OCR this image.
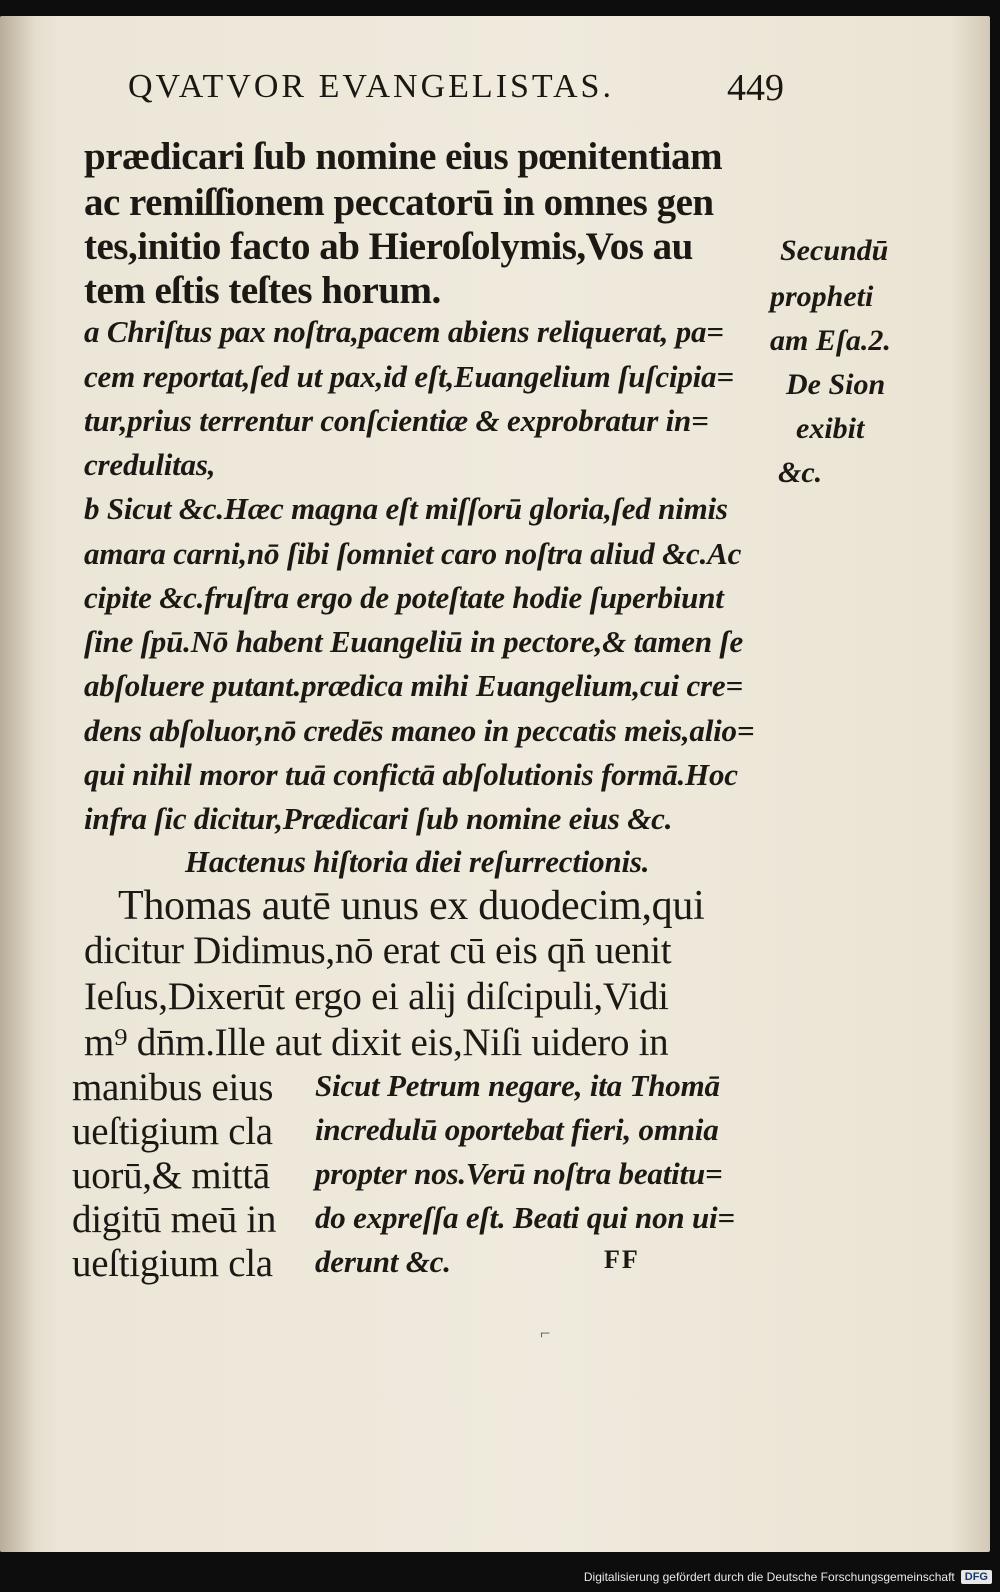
QVATVOR EVANGELISTAS.	449
prædicari ſub nomine eius pœnitentiam
ac remiſſionem peccatorū in omnes gen
tes,initio facto ab Hieroſolymis,Vos au
tem eſtis teſtes horum.
a Chriſtus pax noſtra,pacem abiens reliquerat, pa=
cem reportat,ſed ut pax,id eſt,Euangelium ſuſcipia=
tur,prius terrentur conſcientiæ & exprobratur in=
credulitas,
b Sicut &c.Hæc magna eſt miſſorū gloria,ſed nimis
amara carni,nō ſibi ſomniet caro noſtra aliud &c.Ac
cipite &c.fruſtra ergo de poteſtate hodie ſuperbiunt
ſine ſpū.Nō habent Euangeliū in pectore,& tamen ſe
abſoluere putant.prædica mihi Euangelium,cui cre=
dens abſoluor,nō credēs maneo in peccatis meis,alio=
qui nihil moror tuā confictā abſolutionis formā.Hoc
infra ſic dicitur,Prædicari ſub nomine eius &c.
Hactenus hiſtoria diei reſurrectionis.
Thomas autē unus ex duodecim,qui
dicitur Didimus,nō erat cū eis qn̄ uenit
Ieſus,Dixerūt ergo ei alij diſcipuli,Vidi
m⁹ dn̄m.Ille aut dixit eis,Niſi uidero in
manibus eius
ueſtigium cla
uorū,& mittā
digitū meū in
ueſtigium cla
Sicut Petrum negare, ita Thomā
incredulū oportebat fieri, omnia
propter nos.Verū noſtra beatitu=
do expreſſa eſt. Beati qui non ui=
derunt &c.
Secundū
propheti
am Eſa.2.
De Sion
exibit
&c.
FF
⌐
Digitalisierung gefördert durch die Deutsche Forschungsgemeinschaft DFG
